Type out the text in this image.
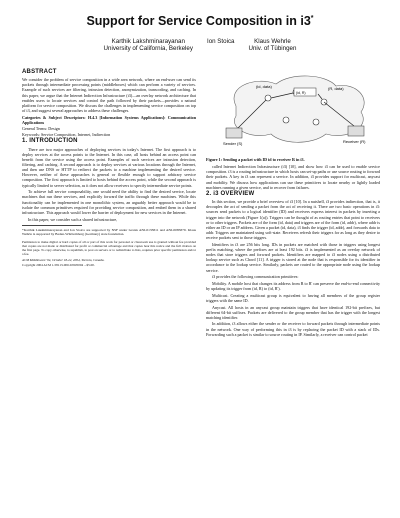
Support for Service Composition in i3*
Karthik Lakshminarayanan
University of California, Berkeley
Ion Stoica	Klaus Wehrle
Univ. of Tübingen
ABSTRACT

We consider the problem of service composition in a wide area network, where an end-user can send its packets through intermediate processing points (middleboxes) which can perform a variety of services. Example of such services are filtering, intrusion detection, anonymization, transcoding, and caching. In this paper, we argue that the Internet Indirection Infrastructure (i3)—an overlay network architecture that enables users to locate services and control the path followed by their packets—provides a natural platform for service composition. We discuss the challenges in implementing service composition on top of i3, and suggest several approaches to address these challenges.

Categories & Subject Descriptors: H.4.3 [Information Systems Applications]: Communication Applications

General Terms: Design

Keywords: Service Composition, Internet, Indirection

1. INTRODUCTION

There are two major approaches of deploying services in today's Internet. The first approach is to deploy services at the access points to the Internet. In this case, all hosts behind an access point can benefit from the service using the access point. Examples of such services are intrusion detection, filtering, and caching. A second approach is to deploy services at various locations through the Internet, and then use DNS or HTTP to redirect the packets to a machine implementing the desired service. However, neither of these approaches is general or flexible enough to support arbitrary service composition. The first approach is limited to hosts behind the access point, while the second approach is typically limited to server selection, as it does not allow receivers to specify intermediate service points.

To achieve full service composability, one would need the ability to find the desired service, locate machines that run these services, and explicitly forward the traffic through these machines. While this functionality can be implemented in one monolithic system, an arguably better approach would be to isolate the common primitives required for providing service composition, and embed them in a shared infrastructure. This approach would lower the barrier of deployment for new services in the Internet.

In this paper, we consider such a shared infrastructure,

*Karthik Lakshminarayanan and Ion Stoica are supported by NSF under Grants ANI-0133811 and ANI-0085879. Klaus Wehrle is supported by Baden-Württemberg (Germany) state foundation.

Permission to make digital or hard copies of all or part of this work for personal or classroom use is granted without fee provided that copies are not made or distributed for profit or commercial advantage and that copies bear this notice and the full citation on the first page. To copy otherwise, to republish, to post on servers or to redistribute to lists, requires prior specific permission and/or a fee.

ACM Middleware '04, October 18-22, 2004, Toronto, Canada.

Copyright 2004 ACM 1-58113-000-0/00/0004 ...$5.00.

(id, data)	(R, data)
Sender (S)	Receiver (R)
(id, R)

Figure 1: Sending a packet with ID id to receiver R in i3.

called Internet Indirection Infrastructure (i3) [10], and show how i3 can be used to enable service composition. i3 is a routing infrastructure in which hosts can set-up paths or use source routing to forward their packets. A key in i3 can represent a service. In addition, i3 provides support for multicast, anycast and mobility. We discuss how applications can use these primitives to locate nearby or lightly loaded machines running a given service, and to recover from failures.

2. i3 OVERVIEW

In this section, we provide a brief overview of i3 [10]. In a nutshell, i3 provides indirection, that is, it decouples the act of sending a packet from the act of receiving it. There are two basic operations in i3: sources send packets to a logical identifier (ID) and receivers express interest in packets by inserting a trigger into the network (Figure 1(a)). Triggers can be thought of as routing entries that point to receivers or to other triggers. Packets are of the form (id, data) and triggers are of the form (id, addr), where addr is either an ID or an IP address. Given a packet (id, data), i3 finds the trigger (id, addr), and forwards data to addr. Triggers are maintained using soft-state. Receivers refresh their triggers for as long as they desire to receive packets sent to those triggers.

Identifiers in i3 are 256 bits long. IDs in packets are matched with those in triggers using longest prefix matching, where the prefixes are at least 192 bits. i3 is implemented as an overlay network of nodes that store triggers and forward packets. Identifiers are mapped to i3 nodes using a distributed lookup service such as Chord [11]. A trigger is stored at the node that is responsible for its identifier in accordance to the lookup service. Similarly, packets are routed to the appropriate node using the lookup service.

i3 provides the following communication primitives:

Mobility. A mobile host that changes its address from R to R' can preserve the end-to-end connectivity by updating its trigger from (id, R) to (id, R').

Multicast. Creating a multicast group is equivalent to having all members of the group register triggers with the same ID.

Anycast. All hosts in an anycast group maintain triggers that have identical 192-bit prefixes, but different 64-bit suffixes. Packets are delivered to the group member that has the trigger with the longest matching identifier.

In addition, i3 allows either the sender or the receiver to forward packets through intermediate points in the network. One way of performing this in i3 is by replacing the packet ID with a stack of IDs. Forwarding such a packet is similar to source routing in IP. Similarly, a receiver can control packet
